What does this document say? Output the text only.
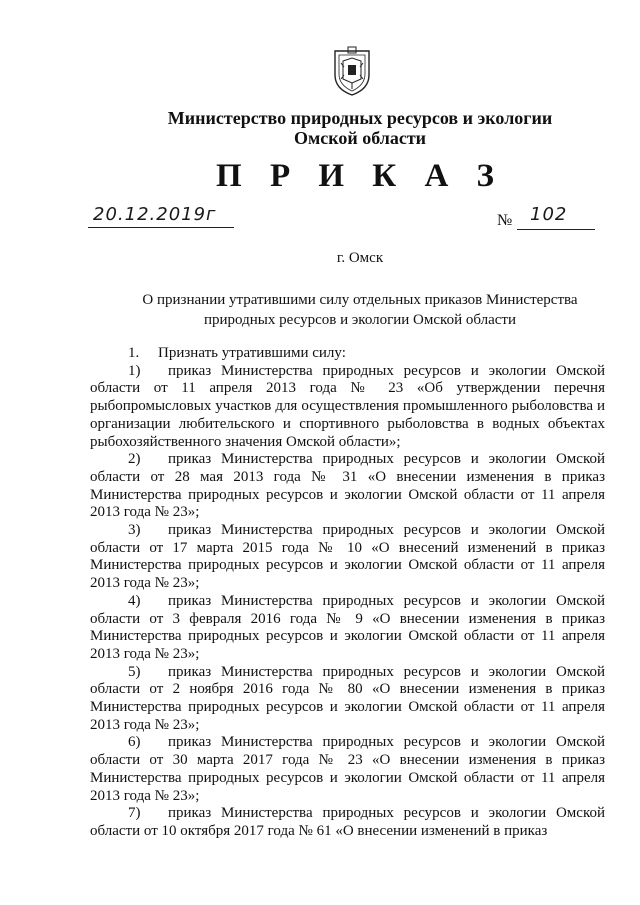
Министерство природных ресурсов и экологии
Омской области
П Р И К А З
20.12.2019г	№ 102
г. Омск
О признании утратившими силу отдельных приказов Министерства
природных ресурсов и экологии Омской области

1. Признать утратившими силу:

1) приказ Министерства природных ресурсов и экологии Омской области от 11 апреля 2013 года № 23 «Об утверждении перечня рыбопромысловых участков для осуществления промышленного рыболовства и организации любительского и спортивного рыболовства в водных объектах рыбохозяйственного значения Омской области»;

2) приказ Министерства природных ресурсов и экологии Омской области от 28 мая 2013 года № 31 «О внесении изменения в приказ Министерства природных ресурсов и экологии Омской области от 11 апреля 2013 года № 23»;

3) приказ Министерства природных ресурсов и экологии Омской области от 17 марта 2015 года № 10 «О внесений изменений в приказ Министерства природных ресурсов и экологии Омской области от 11 апреля 2013 года № 23»;

4) приказ Министерства природных ресурсов и экологии Омской области от 3 февраля 2016 года № 9 «О внесении изменения в приказ Министерства природных ресурсов и экологии Омской области от 11 апреля 2013 года № 23»;

5) приказ Министерства природных ресурсов и экологии Омской области от 2 ноября 2016 года № 80 «О внесении изменения в приказ Министерства природных ресурсов и экологии Омской области от 11 апреля 2013 года № 23»;

6) приказ Министерства природных ресурсов и экологии Омской области от 30 марта 2017 года № 23 «О внесении изменения в приказ Министерства природных ресурсов и экологии Омской области от 11 апреля 2013 года № 23»;

7) приказ Министерства природных ресурсов и экологии Омской области от 10 октября 2017 года № 61 «О внесении изменений в приказ
